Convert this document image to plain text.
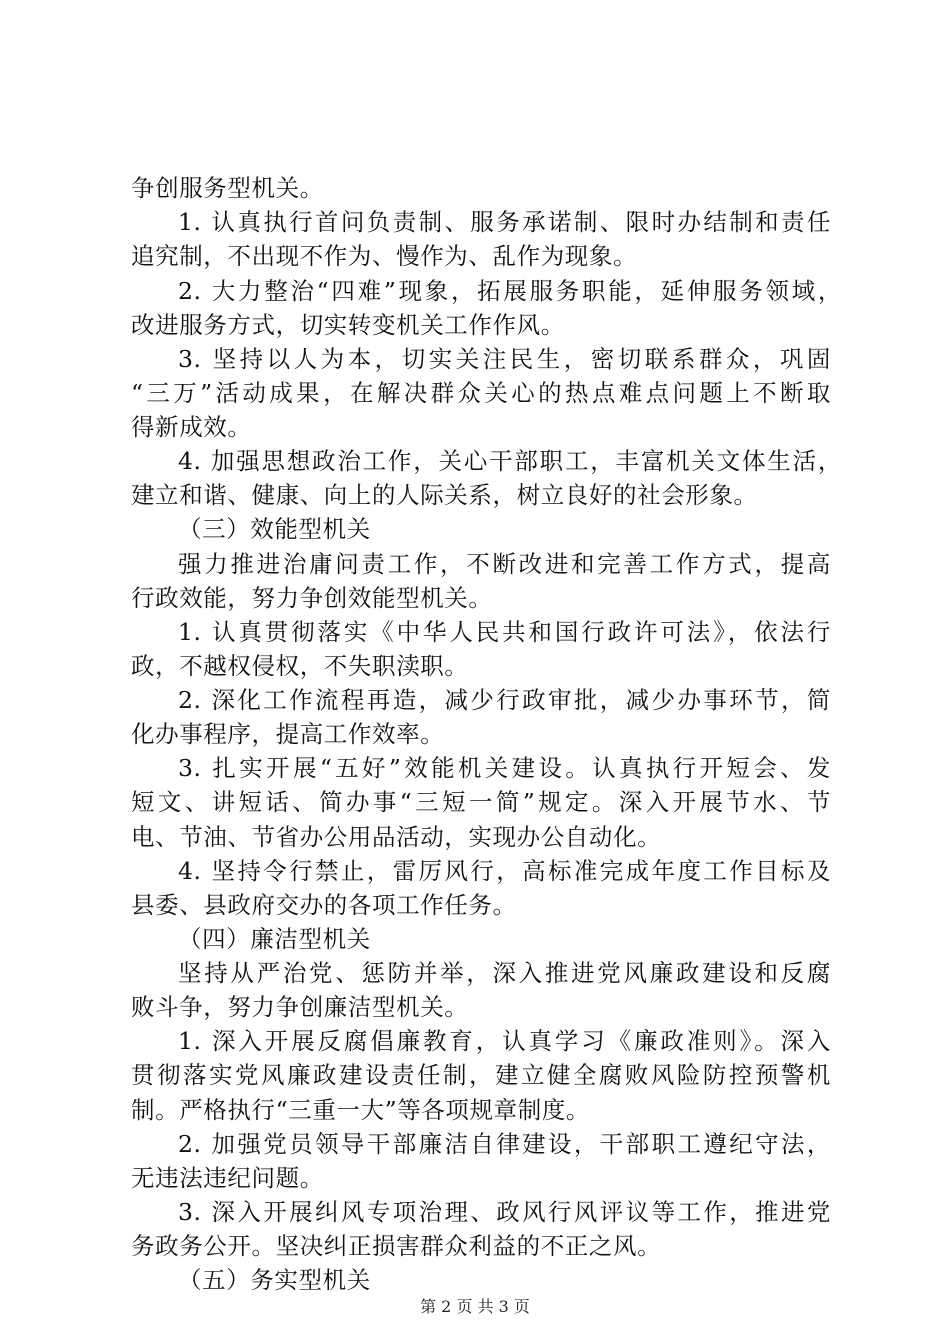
争创服务型机关。
1. 认真执行首问负责制、服务承诺制、限时办结制和责任
追究制，不出现不作为、慢作为、乱作为现象。
2. 大力整治“四难”现象，拓展服务职能，延伸服务领域，
改进服务方式，切实转变机关工作作风。
3. 坚持以人为本，切实关注民生，密切联系群众，巩固
“三万”活动成果，在解决群众关心的热点难点问题上不断取
得新成效。
4. 加强思想政治工作，关心干部职工，丰富机关文体生活，
建立和谐、健康、向上的人际关系，树立良好的社会形象。
（三）效能型机关
强力推进治庸问责工作，不断改进和完善工作方式，提高
行政效能，努力争创效能型机关。
1. 认真贯彻落实《中华人民共和国行政许可法》，依法行
政，不越权侵权，不失职渎职。
2. 深化工作流程再造，减少行政审批，减少办事环节，简
化办事程序，提高工作效率。
3. 扎实开展“五好”效能机关建设。认真执行开短会、发
短文、讲短话、简办事“三短一简”规定。深入开展节水、节
电、节油、节省办公用品活动，实现办公自动化。
4. 坚持令行禁止，雷厉风行，高标准完成年度工作目标及
县委、县政府交办的各项工作任务。
（四）廉洁型机关
坚持从严治党、惩防并举，深入推进党风廉政建设和反腐
败斗争，努力争创廉洁型机关。
1. 深入开展反腐倡廉教育，认真学习《廉政准则》。深入
贯彻落实党风廉政建设责任制，建立健全腐败风险防控预警机
制。严格执行“三重一大”等各项规章制度。
2. 加强党员领导干部廉洁自律建设，干部职工遵纪守法，
无违法违纪问题。
3. 深入开展纠风专项治理、政风行风评议等工作，推进党
务政务公开。坚决纠正损害群众利益的不正之风。
（五）务实型机关
第 2 页 共 3 页
